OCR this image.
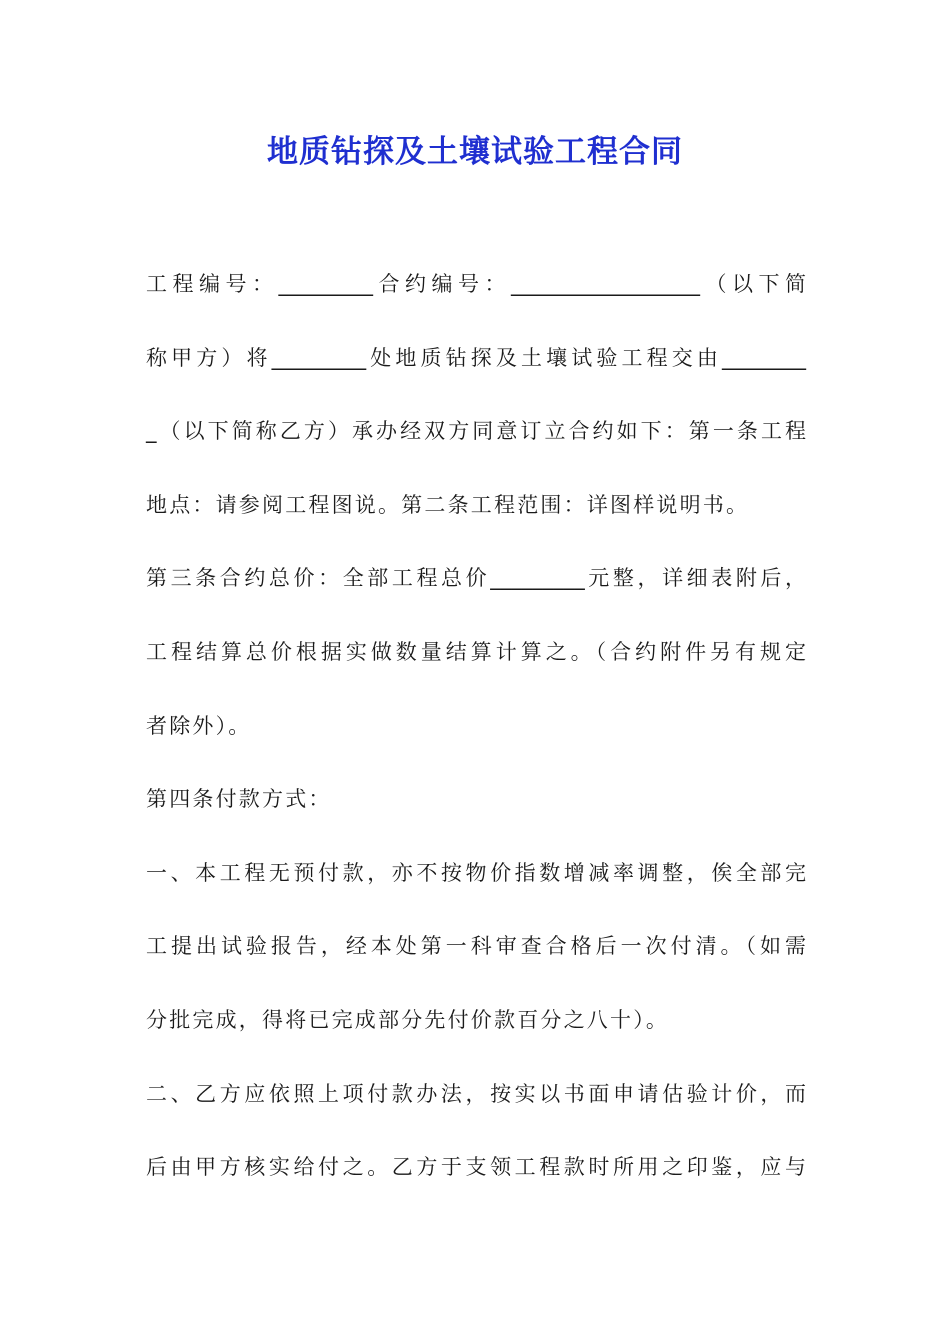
地质钻探及土壤试验工程合同
工程编号：_________合约编号：__________________（以下简
称甲方）将_________处地质钻探及土壤试验工程交由________
_（以下简称乙方）承办经双方同意订立合约如下：第一条工程
地点：请参阅工程图说。第二条工程范围：详图样说明书。
第三条合约总价：全部工程总价_________元整，详细表附后，
工程结算总价根据实做数量结算计算之。（合约附件另有规定
者除外）。
第四条付款方式：
一、本工程无预付款，亦不按物价指数增减率调整，俟全部完
工提出试验报告，经本处第一科审查合格后一次付清。（如需
分批完成，得将已完成部分先付价款百分之八十）。
二、乙方应依照上项付款办法，按实以书面申请估验计价，而
后由甲方核实给付之。乙方于支领工程款时所用之印鉴，应与
